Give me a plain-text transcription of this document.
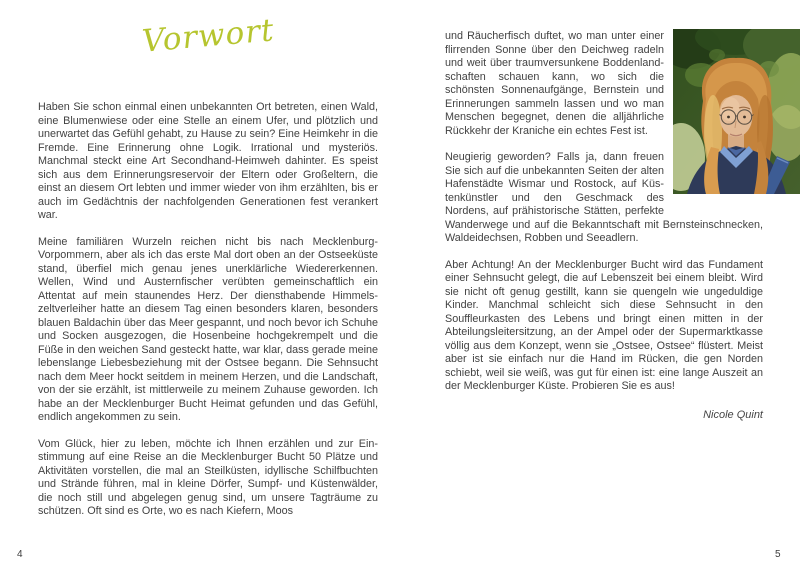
Vorwort

Haben Sie schon einmal einen unbekannten Ort betreten, einen Wald, eine Blumenwiese oder eine Stelle an einem Ufer, und plötzlich und unerwartet das Gefühl gehabt, zu Hause zu sein? Eine Heimkehr in die Fremde. Eine Erinnerung ohne Logik. Irrational und mysteriös. Manchmal steckt eine Art Secondhand-Heimweh dahinter. Es speist sich aus dem Erinnerungsreservoir der Eltern oder Großeltern, die einst an diesem Ort lebten und immer wieder von ihm erzählten, bis er auch im Gedächtnis der nachfolgenden Generationen fest verankert war.

Meine familiären Wurzeln reichen nicht bis nach Mecklenburg-Vorpommern, aber als ich das erste Mal dort oben an der Ostseeküste stand, überfiel mich genau jenes unerklärliche Wiedererkennen. Wellen, Wind und Austernfischer verübten gemeinschaftlich ein Attentat auf mein staunendes Herz. Der diensthabende Himmelszeltverleiher hatte an diesem Tag einen besonders klaren, besonders blauen Baldachin über das Meer gespannt, und noch bevor ich Schuhe und Socken ausgezogen, die Hosenbeine hochgekrempelt und die Füße in den weichen Sand gesteckt hatte, war klar, dass gerade meine lebenslange Liebesbeziehung mit der Ostsee begann. Die Sehnsucht nach dem Meer hockt seitdem in meinem Herzen, und die Landschaft, von der sie erzählt, ist mittlerweile zu meinem Zuhause geworden. Ich habe an der Mecklenburger Bucht Heimat gefunden und das Gefühl, endlich angekommen zu sein.

Vom Glück, hier zu leben, möchte ich Ihnen erzählen und zur Einstimmung auf eine Reise an die Mecklenburger Bucht 50 Plätze und Aktivitäten vorstellen, die mal an Steilküsten, idyllische Schilfbuchten und Strände führen, mal in kleine Dörfer, Sumpf- und Küstenwälder, die noch still und abgelegen genug sind, um unsere Tagträume zu schützen. Oft sind es Orte, wo es nach Kiefern, Moos

und Räucherfisch duftet, wo man unter einer flirrenden Sonne über den Deichweg radeln und weit über traumversunkene Boddenlandschaften schauen kann, wo sich die schönsten Sonnenaufgänge, Bernstein und Erinnerungen sammeln lassen und wo man Menschen begegnet, denen die alljährliche Rückkehr der Kraniche ein echtes Fest ist.

Neugierig geworden? Falls ja, dann freuen Sie sich auf die unbekannten Seiten der alten Hafenstädte Wismar und Rostock, auf Küstenkünstler und den Geschmack des Nordens, auf prähistorische Stätten, perfekte Wanderwege und auf die Bekanntschaft mit Bernsteinschnecken, Waldeidechsen, Robben und Seeadlern.

Aber Achtung! An der Mecklenburger Bucht wird das Fundament einer Sehnsucht gelegt, die auf Lebenszeit bei einem bleibt. Wird sie nicht oft genug gestillt, kann sie quengeln wie ungeduldige Kinder. Manchmal schleicht sich diese Sehnsucht in den Souffleurkasten des Lebens und bringt einen mitten in der Abteilungsleitersitzung, an der Ampel oder der Supermarktkasse völlig aus dem Konzept, wenn sie „Ostsee, Ostsee“ flüstert. Meist aber ist sie einfach nur die Hand im Rücken, die gen Norden schiebt, weil sie weiß, was gut für einen ist: eine lange Auszeit an der Mecklenburger Küste. Probieren Sie es aus!

Nicole Quint

4	5
